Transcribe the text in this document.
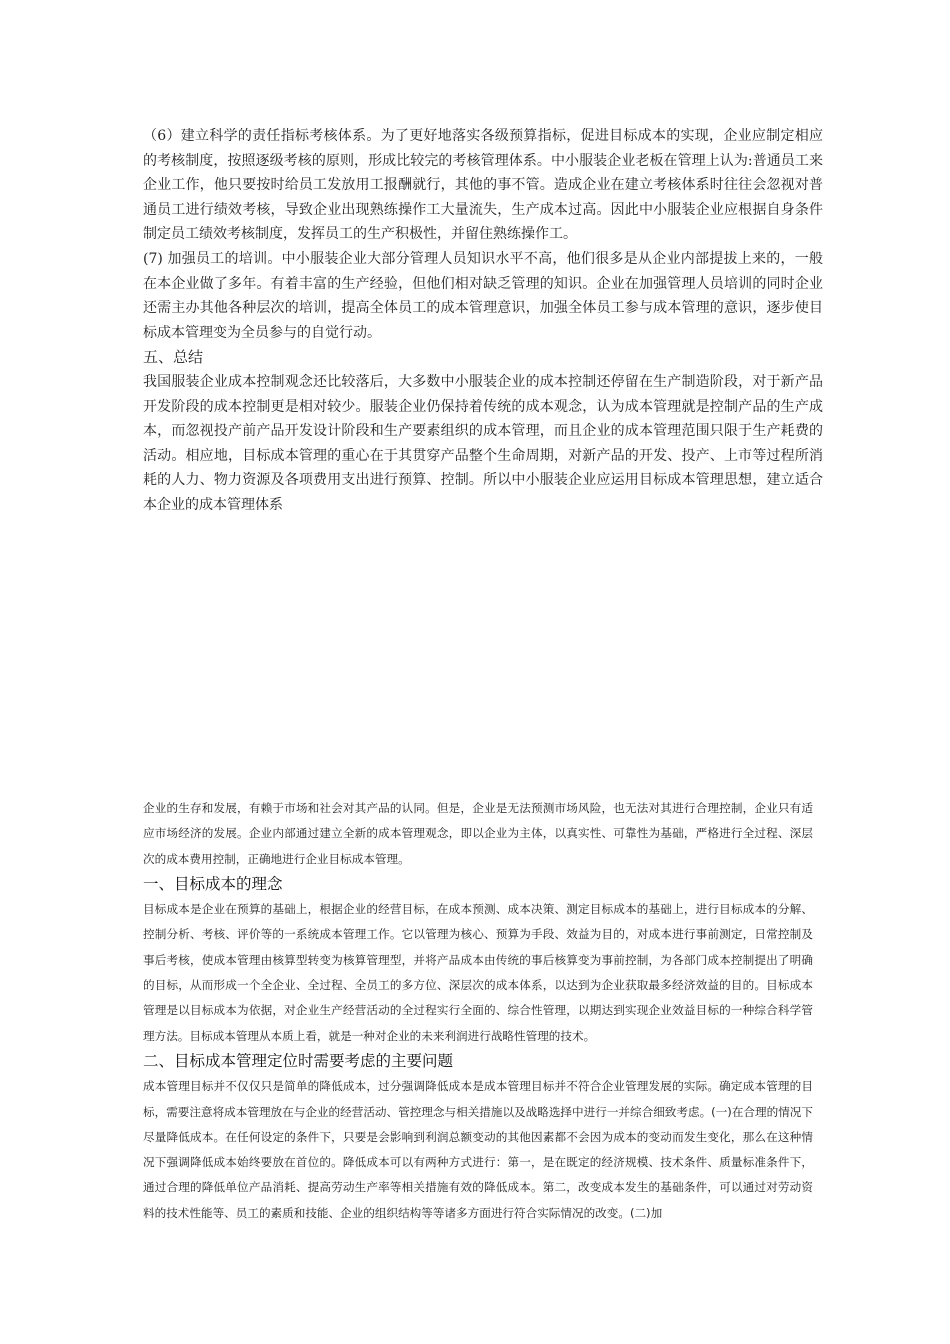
（6）建立科学的责任指标考核体系。为了更好地落实各级预算指标，促进目标成本的实现，企业应制定相应的考核制度，按照逐级考核的原则，形成比较完的考核管理体系。中小服装企业老板在管理上认为:普通员工来企业工作，他只要按时给员工发放用工报酬就行，其他的事不管。造成企业在建立考核体系时往往会忽视对普通员工进行绩效考核，导致企业出现熟练操作工大量流失，生产成本过高。因此中小服装企业应根据自身条件制定员工绩效考核制度，发挥员工的生产积极性，并留住熟练操作工。

(7) 加强员工的培训。中小服装企业大部分管理人员知识水平不高，他们很多是从企业内部提拔上来的，一般在本企业做了多年。有着丰富的生产经验，但他们相对缺乏管理的知识。企业在加强管理人员培训的同时企业还需主办其他各种层次的培训，提高全体员工的成本管理意识，加强全体员工参与成本管理的意识，逐步使目标成本管理变为全员参与的自觉行动。

五、总结

我国服装企业成本控制观念还比较落后，大多数中小服装企业的成本控制还停留在生产制造阶段，对于新产品开发阶段的成本控制更是相对较少。服装企业仍保持着传统的成本观念，认为成本管理就是控制产品的生产成本，而忽视投产前产品开发设计阶段和生产要素组织的成本管理，而且企业的成本管理范围只限于生产耗费的活动。相应地，目标成本管理的重心在于其贯穿产品整个生命周期，对新产品的开发、投产、上市等过程所消耗的人力、物力资源及各项费用支出进行预算、控制。所以中小服装企业应运用目标成本管理思想，建立适合本企业的成本管理体系

企业的生存和发展，有赖于市场和社会对其产品的认同。但是，企业是无法预测市场风险，也无法对其进行合理控制，企业只有适应市场经济的发展。企业内部通过建立全新的成本管理观念，即以企业为主体，以真实性、可靠性为基础，严格进行全过程、深层次的成本费用控制，正确地进行企业目标成本管理。

一、目标成本的理念

目标成本是企业在预算的基础上，根据企业的经营目标，在成本预测、成本决策、测定目标成本的基础上，进行目标成本的分解、控制分析、考核、评价等的一系统成本管理工作。它以管理为核心、预算为手段、效益为目的，对成本进行事前测定，日常控制及事后考核，使成本管理由核算型转变为核算管理型，并将产品成本由传统的事后核算变为事前控制，为各部门成本控制提出了明确的目标，从而形成一个全企业、全过程、全员工的多方位、深层次的成本体系，以达到为企业获取最多经济效益的目的。目标成本管理是以目标成本为依据，对企业生产经营活动的全过程实行全面的、综合性管理，以期达到实现企业效益目标的一种综合科学管理方法。目标成本管理从本质上看，就是一种对企业的未来利润进行战略性管理的技术。

二、目标成本管理定位时需要考虑的主要问题

成本管理目标并不仅仅只是简单的降低成本，过分强调降低成本是成本管理目标并不符合企业管理发展的实际。确定成本管理的目标，需要注意将成本管理放在与企业的经营活动、管控理念与相关措施以及战略选择中进行一并综合细致考虑。(一)在合理的情况下尽量降低成本。在任何设定的条件下，只要是会影响到利润总额变动的其他因素都不会因为成本的变动而发生变化，那么在这种情况下强调降低成本始终要放在首位的。降低成本可以有两种方式进行：第一，是在既定的经济规模、技术条件、质量标准条件下，通过合理的降低单位产品消耗、提高劳动生产率等相关措施有效的降低成本。第二，改变成本发生的基础条件，可以通过对劳动资料的技术性能等、员工的素质和技能、企业的组织结构等等诸多方面进行符合实际情况的改变。(二)加
